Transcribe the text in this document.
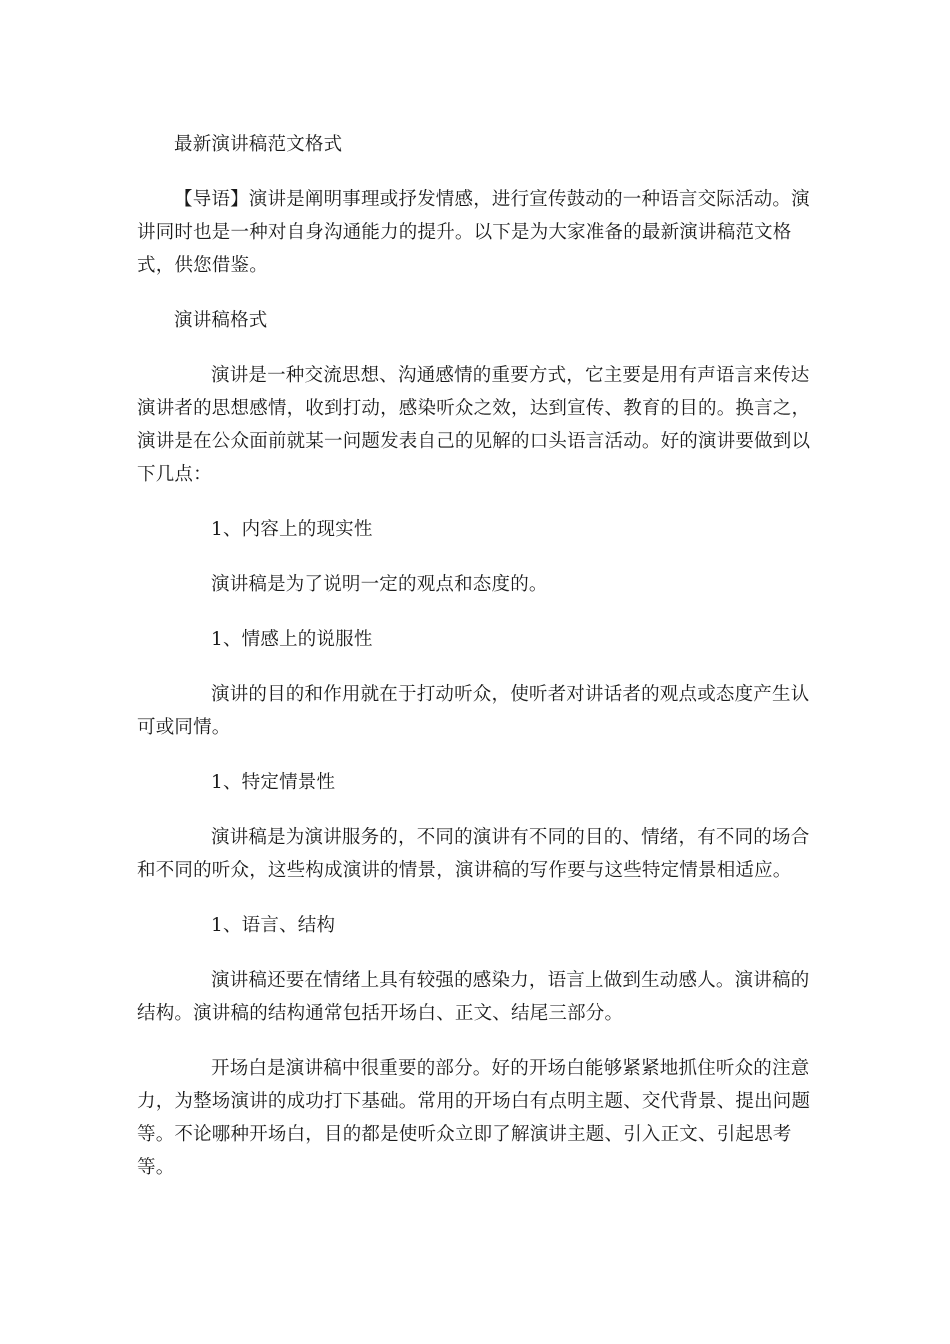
最新演讲稿范文格式

【导语】演讲是阐明事理或抒发情感，进行宣传鼓动的一种语言交际活动。演讲同时也是一种对自身沟通能力的提升。以下是为大家准备的最新演讲稿范文格式，供您借鉴。

演讲稿格式

演讲是一种交流思想、沟通感情的重要方式，它主要是用有声语言来传达演讲者的思想感情，收到打动，感染听众之效，达到宣传、教育的目的。换言之，演讲是在公众面前就某一问题发表自己的见解的口头语言活动。好的演讲要做到以下几点：

1、内容上的现实性

演讲稿是为了说明一定的观点和态度的。

1、情感上的说服性

演讲的目的和作用就在于打动听众，使听者对讲话者的观点或态度产生认可或同情。

1、特定情景性

演讲稿是为演讲服务的，不同的演讲有不同的目的、情绪，有不同的场合和不同的听众，这些构成演讲的情景，演讲稿的写作要与这些特定情景相适应。

1、语言、结构

演讲稿还要在情绪上具有较强的感染力，语言上做到生动感人。演讲稿的结构。演讲稿的结构通常包括开场白、正文、结尾三部分。

开场白是演讲稿中很重要的部分。好的开场白能够紧紧地抓住听众的注意力，为整场演讲的成功打下基础。常用的开场白有点明主题、交代背景、提出问题等。不论哪种开场白，目的都是使听众立即了解演讲主题、引入正文、引起思考等。
